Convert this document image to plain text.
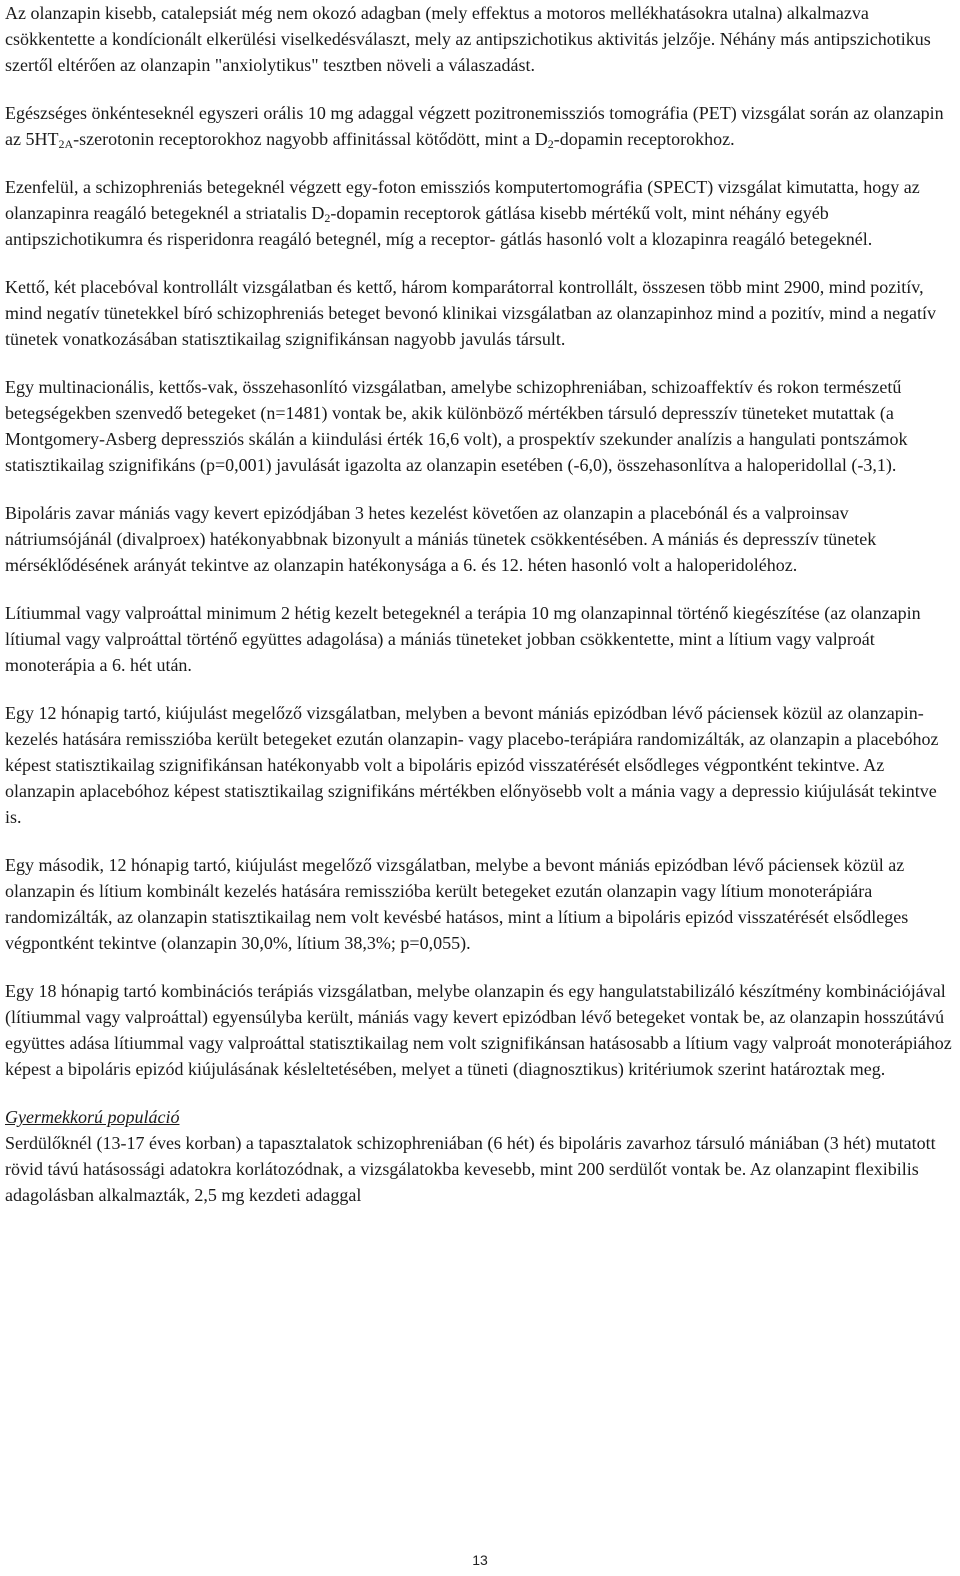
Az olanzapin kisebb, catalepsiát még nem okozó adagban (mely effektus a motoros mellékhatásokra utalna) alkalmazva csökkentette a kondícionált elkerülési viselkedésválaszt, mely az antipszichotikus aktivitás jelzője. Néhány más antipszichotikus szertől eltérően az olanzapin "anxiolytikus" tesztben növeli a válaszadást.

Egészséges önkénteseknél egyszeri orális 10 mg adaggal végzett pozitronemissziós tomográfia (PET) vizsgálat során az olanzapin az $5HT_{2A}$-szerotonin receptorokhoz nagyobb affinitással kötődött, mint a $D_2$-dopamin receptorokhoz.

Ezenfelül, a schizophreniás betegeknél végzett egy-foton emissziós komputertomográfia (SPECT) vizsgálat kimutatta, hogy az olanzapinra reagáló betegeknél a striatalis $D_2$-dopamin receptorok gátlása kisebb mértékű volt, mint néhány egyéb antipszichotikumra és risperidonra reagáló betegnél, míg a receptor- gátlás hasonló volt a klozapinra reagáló betegeknél.

Kettő, két placebóval kontrollált vizsgálatban és kettő, három komparátorral kontrollált, összesen több mint 2900, mind pozitív, mind negatív tünetekkel bíró schizophreniás beteget bevonó klinikai vizsgálatban az olanzapinhoz mind a pozitív, mind a negatív tünetek vonatkozásában statisztikailag szignifikánsan nagyobb javulás társult.

Egy multinacionális, kettős-vak, összehasonlító vizsgálatban, amelybe schizophreniában, schizoaffektív és rokon természetű betegségekben szenvedő betegeket (n=1481) vontak be, akik különböző mértékben társuló depresszív tüneteket mutattak (a Montgomery-Asberg depressziós skálán a kiindulási érték 16,6 volt), a prospektív szekunder analízis a hangulati pontszámok statisztikailag szignifikáns (p=0,001) javulását igazolta az olanzapin esetében (-6,0), összehasonlítva a haloperidollal (-3,1).

Bipoláris zavar mániás vagy kevert epizódjában 3 hetes kezelést követően az olanzapin a placebónál és a valproinsav nátriumsójánál (divalproex) hatékonyabbnak bizonyult a mániás tünetek csökkentésében. A mániás és depresszív tünetek mérséklődésének arányát tekintve az olanzapin hatékonysága a 6. és 12. héten hasonló volt a haloperidoléhoz.

Lítiummal vagy valproáttal minimum 2 hétig kezelt betegeknél a terápia 10 mg olanzapinnal történő kiegészítése (az olanzapin lítiumal vagy valproáttal történő együttes adagolása) a mániás tüneteket jobban csökkentette, mint a lítium vagy valproát monoterápia a 6. hét után.

Egy 12 hónapig tartó, kiújulást megelőző vizsgálatban, melyben a bevont mániás epizódban lévő páciensek közül az olanzapin-kezelés hatására remisszióba került betegeket ezután olanzapin- vagy placebo-terápiára randomizálták, az olanzapin a placebóhoz képest statisztikailag szignifikánsan hatékonyabb volt a bipoláris epizód visszatérését elsődleges végpontként tekintve. Az olanzapin aplacebóhoz képest statisztikailag szignifikáns mértékben előnyösebb volt a mánia vagy a depressio kiújulását tekintve is.

Egy második, 12 hónapig tartó, kiújulást megelőző vizsgálatban, melybe a bevont mániás epizódban lévő páciensek közül az olanzapin és lítium kombinált kezelés hatására remisszióba került betegeket ezután olanzapin vagy lítium monoterápiára randomizálták, az olanzapin statisztikailag nem volt kevésbé hatásos, mint a lítium a bipoláris epizód visszatérését elsődleges végpontként tekintve (olanzapin 30,0%, lítium 38,3%; p=0,055).

Egy 18 hónapig tartó kombinációs terápiás vizsgálatban, melybe olanzapin és egy hangulatstabilizáló készítmény kombinációjával (lítiummal vagy valproáttal) egyensúlyba került, mániás vagy kevert epizódban lévő betegeket vontak be, az olanzapin hosszútávú együttes adása lítiummal vagy valproáttal statisztikailag nem volt szignifikánsan hatásosabb a lítium vagy valproát monoterápiához képest a bipoláris epizód kiújulásának késleltetésében, melyet a tüneti (diagnosztikus) kritériumok szerint határoztak meg.

Gyermekkorú populáció

Serdülőknél (13-17 éves korban) a tapasztalatok schizophreniában (6 hét) és bipoláris zavarhoz társuló mániában (3 hét) mutatott rövid távú hatásossági adatokra korlátozódnak, a vizsgálatokba kevesebb, mint 200 serdülőt vontak be. Az olanzapint flexibilis adagolásban alkalmazták, 2,5 mg kezdeti adaggal

13
